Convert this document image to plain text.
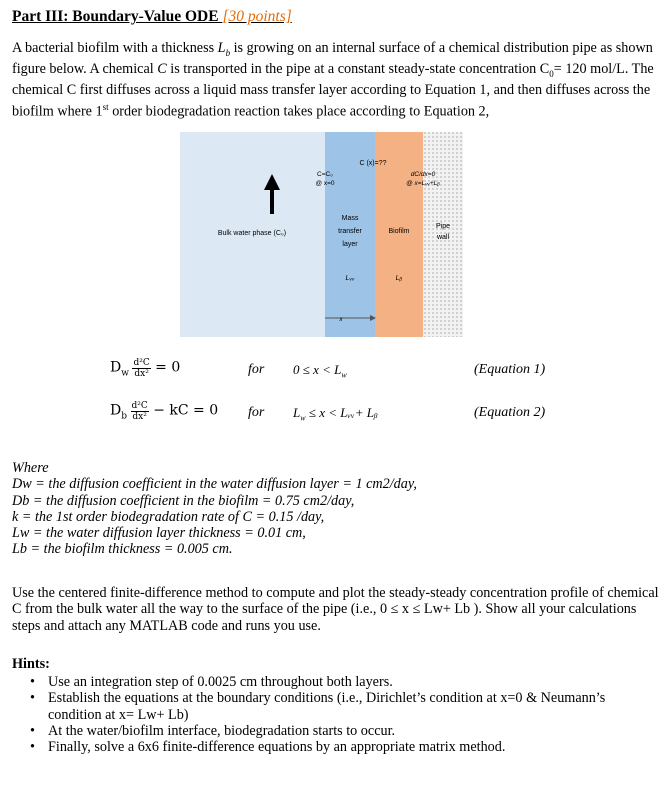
Part III: Boundary-Value ODE [30 points]
A bacterial biofilm with a thickness $L_b$ is growing on an internal surface of a chemical distribution pipe as shown figure below. A chemical C is transported in the pipe at a constant steady-state concentration $C_0= 120$ mol/L. The chemical C first diffuses across a liquid mass transfer layer according to Equation 1, and then diffuses across the biofilm where 1st order biodegradation reaction takes place according to Equation 2,
C (x)=??
C=C₀
@ x=0
dC/dx=0
@ x=Lᵥᵥ+Lᵦ
Bulk water phase (C₀)
Mass
transfer
layer
Biofilm
Pipe
wall
Lᵥᵥ	Lᵦ
x
$D_w \frac{\text{d²C}}{\text{dx²}} = 0$	for $0 \le x < L_w$	(Equation 1)
$D_b \frac{\text{d²C}}{\text{dx²}}$ − kC = 0 for $L_w \le x$ < Lᵥᵥ+ Lᵦ	(Equation 2)
Where
Dw = the diffusion coefficient in the water diffusion layer = 1 cm2/day,
Db = the diffusion coefficient in the biofilm = 0.75 cm2/day,
k = the 1st order biodegradation rate of C = 0.15 /day,
Lw = the water diffusion layer thickness = 0.01 cm,
Lb = the biofilm thickness = 0.005 cm.
Use the centered finite-difference method to compute and plot the steady-steady concentration profile of chemical C from the bulk water all the way to the surface of the pipe (i.e., 0 ≤ x ≤ Lw+ Lb ). Show all your calculations steps and attach any MATLAB code and runs you use.
Hints:
• Use an integration step of 0.0025 cm throughout both layers.
• Establish the equations at the boundary conditions (i.e., Dirichlet’s condition at x=0 & Neumann’s condition at x= Lw+ Lb)
• At the water/biofilm interface, biodegradation starts to occur.
• Finally, solve a 6x6 finite-difference equations by an appropriate matrix method.
